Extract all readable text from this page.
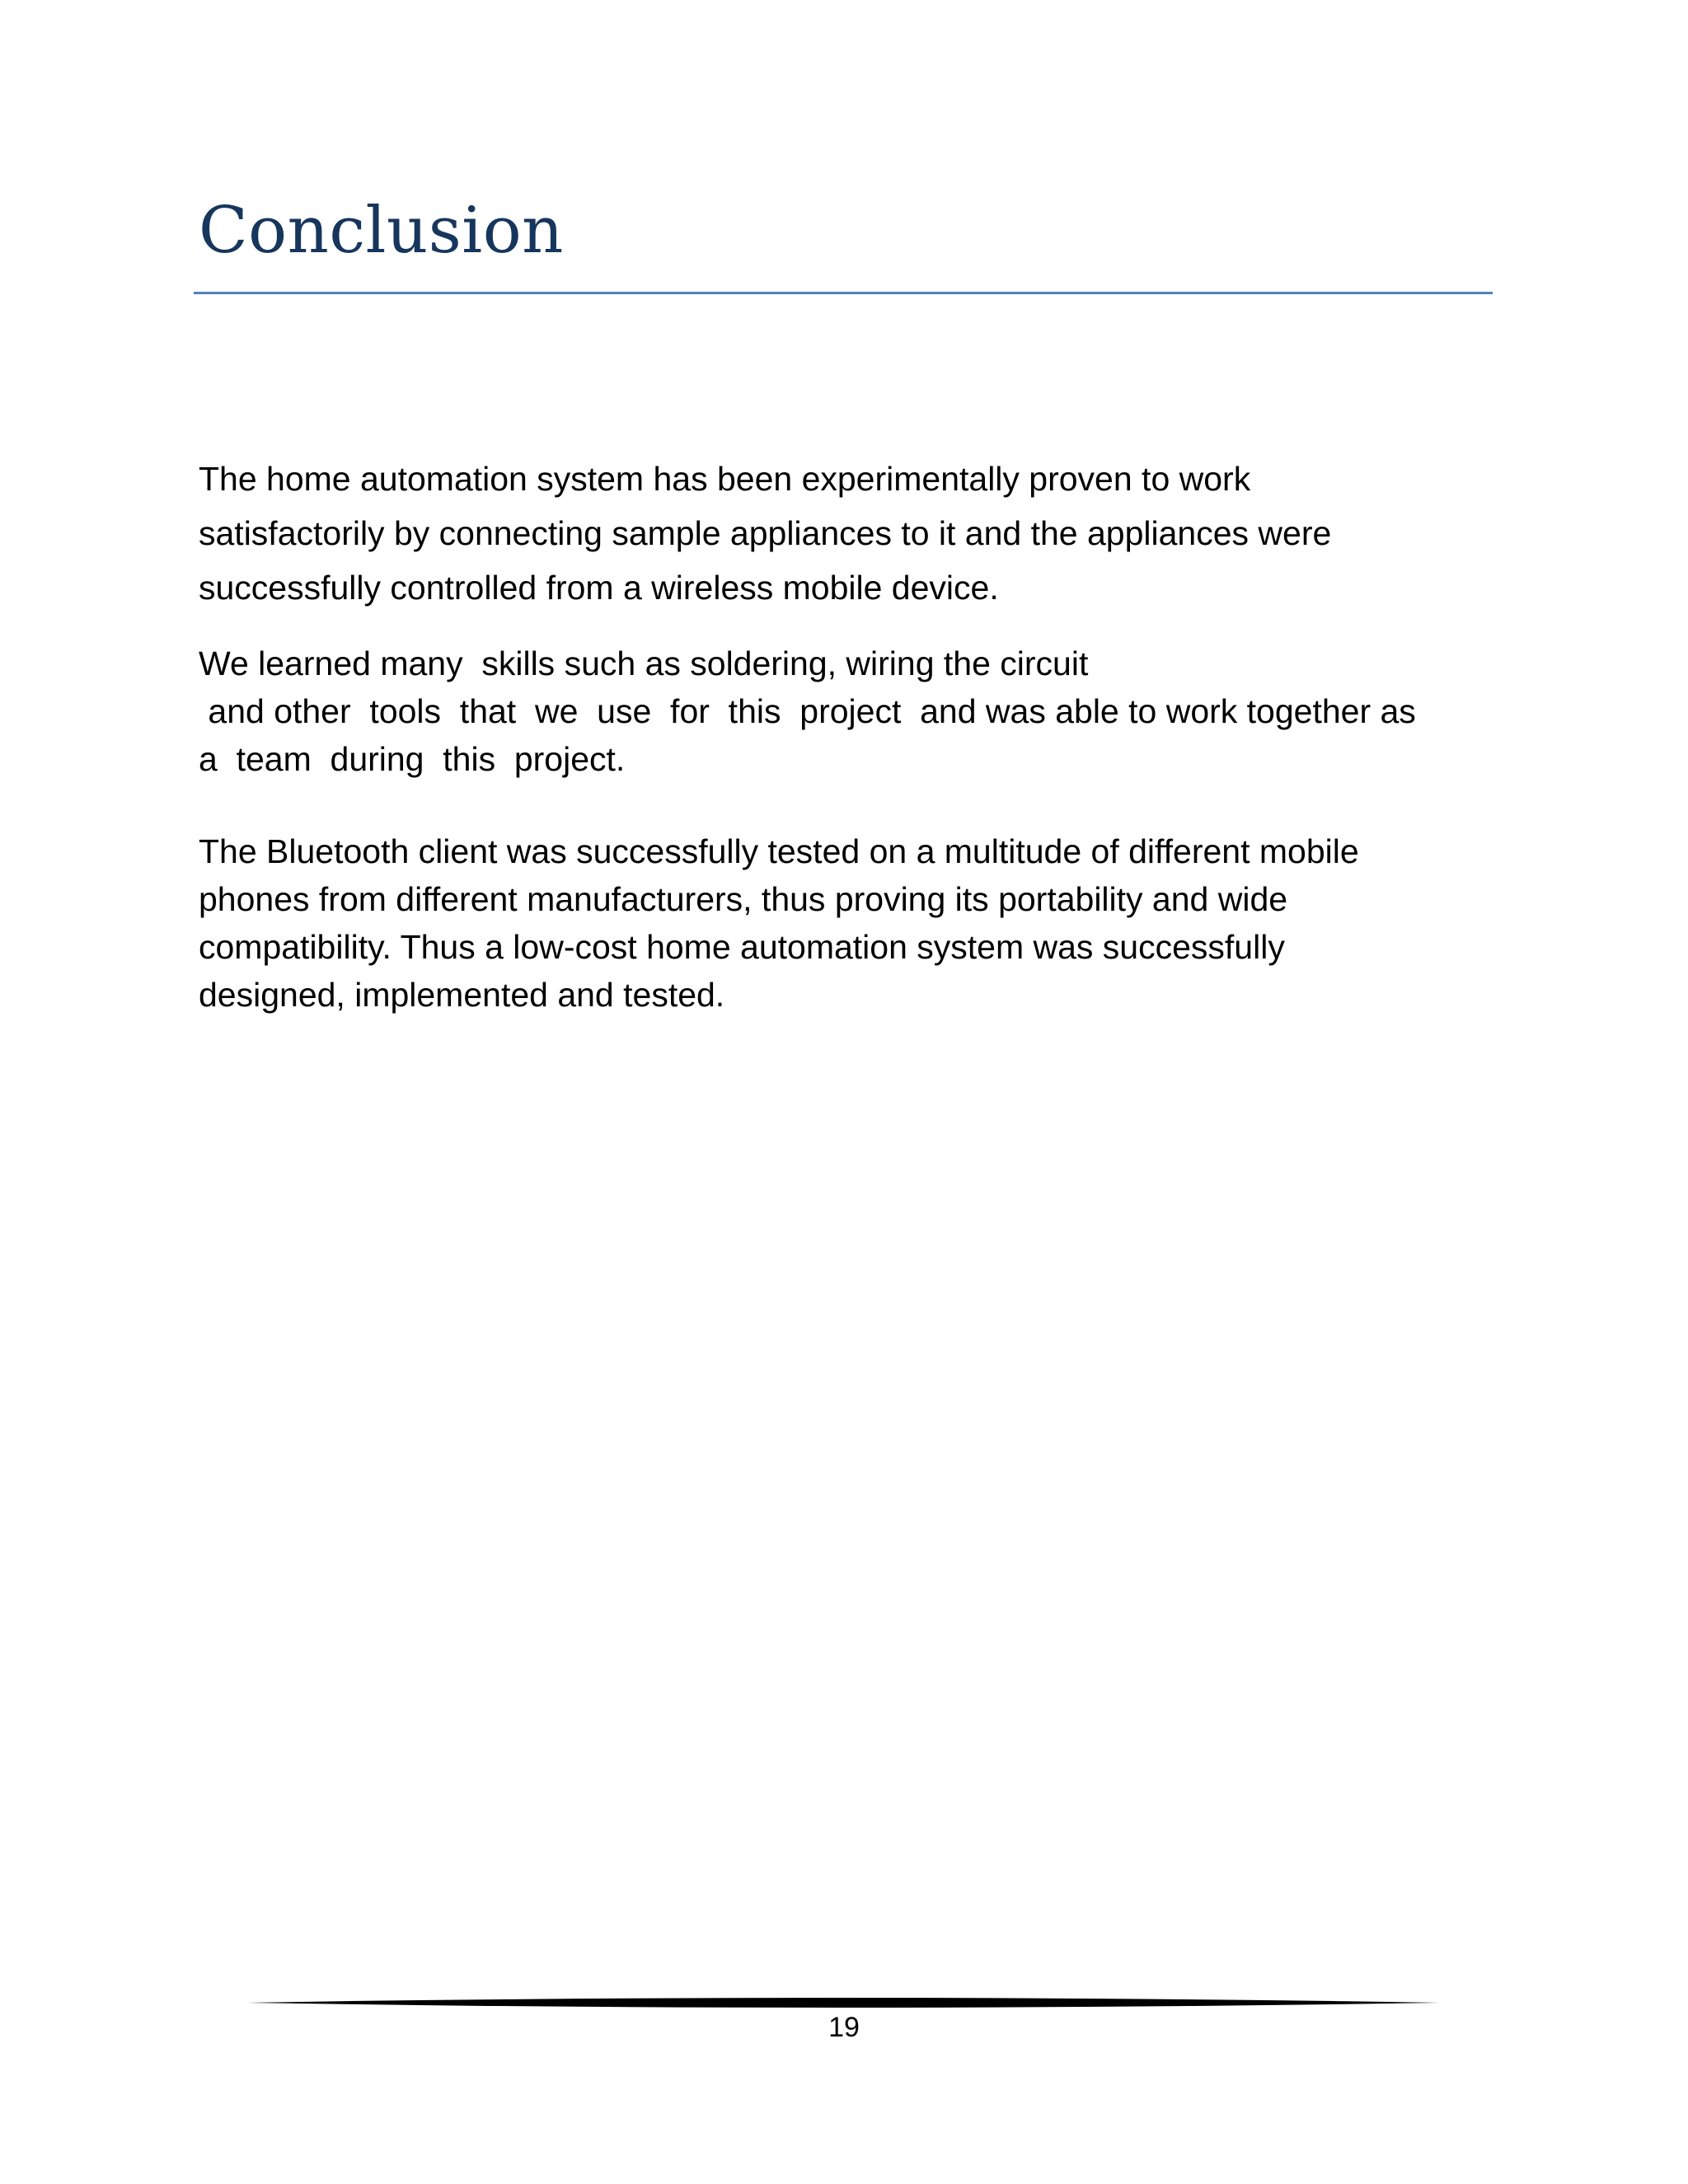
Conclusion

The home automation system has been experimentally proven to work
satisfactorily by connecting sample appliances to it and the appliances were
successfully controlled from a wireless mobile device.

We learned many  skills such as soldering, wiring the circuit
and other  tools  that  we  use  for  this  project  and was able to work together as
a  team  during  this  project.

The Bluetooth client was successfully tested on a multitude of different mobile
phones from different manufacturers, thus proving its portability and wide
compatibility. Thus a low-cost home automation system was successfully
designed, implemented and tested.

19
